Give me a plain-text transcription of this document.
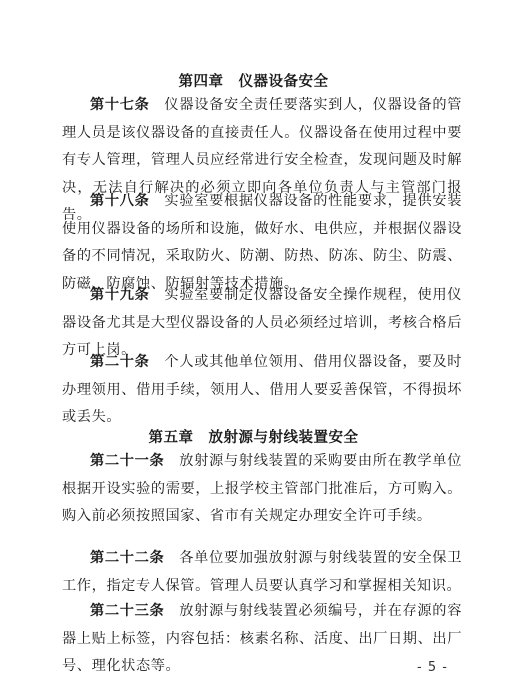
第四章　仪器设备安全

第十七条　仪器设备安全责任要落实到人，仪器设备的管理人员是该仪器设备的直接责任人。仪器设备在使用过程中要有专人管理，管理人员应经常进行安全检查，发现问题及时解决，无法自行解决的必须立即向各单位负责人与主管部门报告。

第十八条　实验室要根据仪器设备的性能要求，提供安装使用仪器设备的场所和设施，做好水、电供应，并根据仪器设备的不同情况，采取防火、防潮、防热、防冻、防尘、防震、防磁、防腐蚀、防辐射等技术措施。

第十九条　实验室要制定仪器设备安全操作规程，使用仪器设备尤其是大型仪器设备的人员必须经过培训，考核合格后方可上岗。

第二十条　个人或其他单位领用、借用仪器设备，要及时办理领用、借用手续，领用人、借用人要妥善保管，不得损坏或丢失。

第五章　放射源与射线装置安全

第二十一条　放射源与射线装置的采购要由所在教学单位根据开设实验的需要，上报学校主管部门批准后，方可购入。购入前必须按照国家、省市有关规定办理安全许可手续。

第二十二条　各单位要加强放射源与射线装置的安全保卫工作，指定专人保管。管理人员要认真学习和掌握相关知识。

第二十三条　放射源与射线装置必须编号，并在存源的容器上贴上标签，内容包括：核素名称、活度、出厂日期、出厂号、理化状态等。	- 5 -
